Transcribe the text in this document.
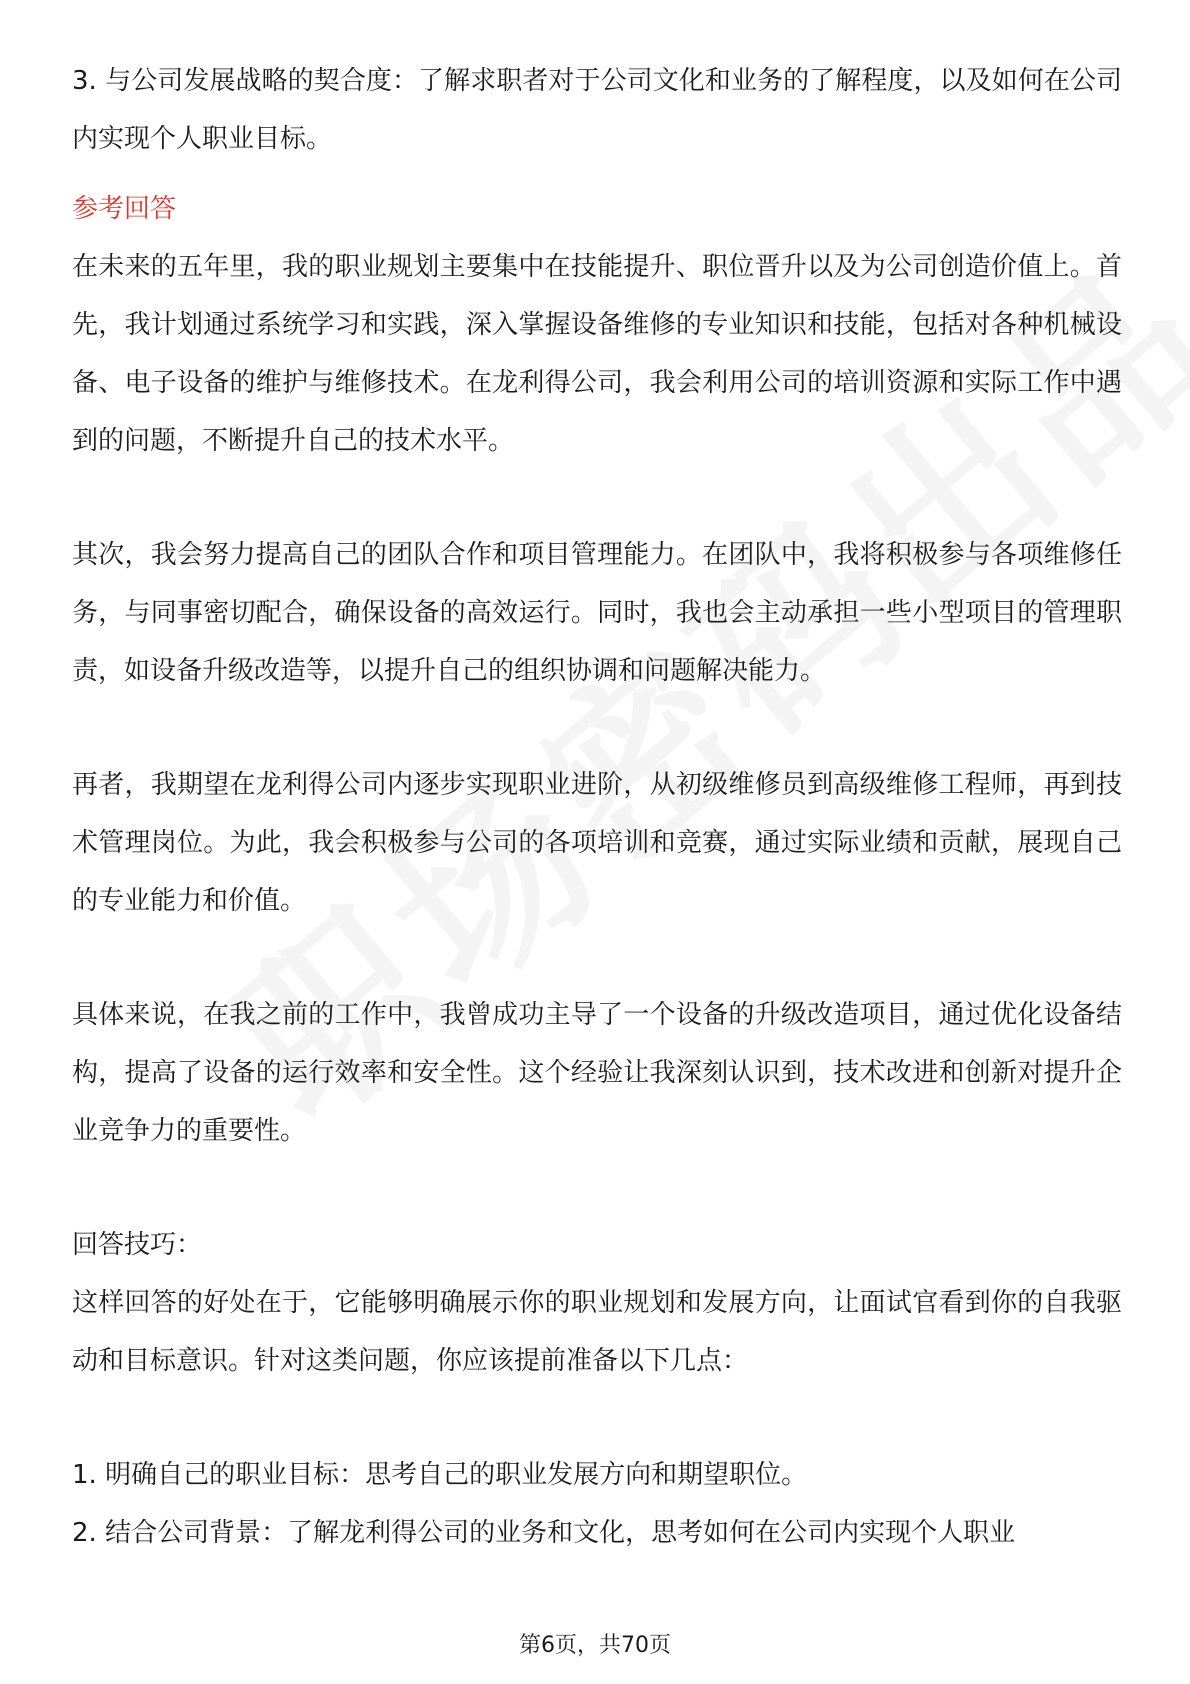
3. 与公司发展战略的契合度：了解求职者对于公司文化和业务的了解程度，以及如何在公司内实现个人职业目标。

参考回答

在未来的五年里，我的职业规划主要集中在技能提升、职位晋升以及为公司创造价值上。首先，我计划通过系统学习和实践，深入掌握设备维修的专业知识和技能，包括对各种机械设备、电子设备的维护与维修技术。在龙利得公司，我会利用公司的培训资源和实际工作中遇到的问题，不断提升自己的技术水平。

其次，我会努力提高自己的团队合作和项目管理能力。在团队中，我将积极参与各项维修任务，与同事密切配合，确保设备的高效运行。同时，我也会主动承担一些小型项目的管理职责，如设备升级改造等，以提升自己的组织协调和问题解决能力。

再者，我期望在龙利得公司内逐步实现职业进阶，从初级维修员到高级维修工程师，再到技术管理岗位。为此，我会积极参与公司的各项培训和竞赛，通过实际业绩和贡献，展现自己的专业能力和价值。

具体来说，在我之前的工作中，我曾成功主导了一个设备的升级改造项目，通过优化设备结构，提高了设备的运行效率和安全性。这个经验让我深刻认识到，技术改进和创新对提升企业竞争力的重要性。

回答技巧：

这样回答的好处在于，它能够明确展示你的职业规划和发展方向，让面试官看到你的自我驱动和目标意识。针对这类问题，你应该提前准备以下几点：

1. 明确自己的职业目标：思考自己的职业发展方向和期望职位。

2. 结合公司背景：了解龙利得公司的业务和文化，思考如何在公司内实现个人职业

第6页，共70页
